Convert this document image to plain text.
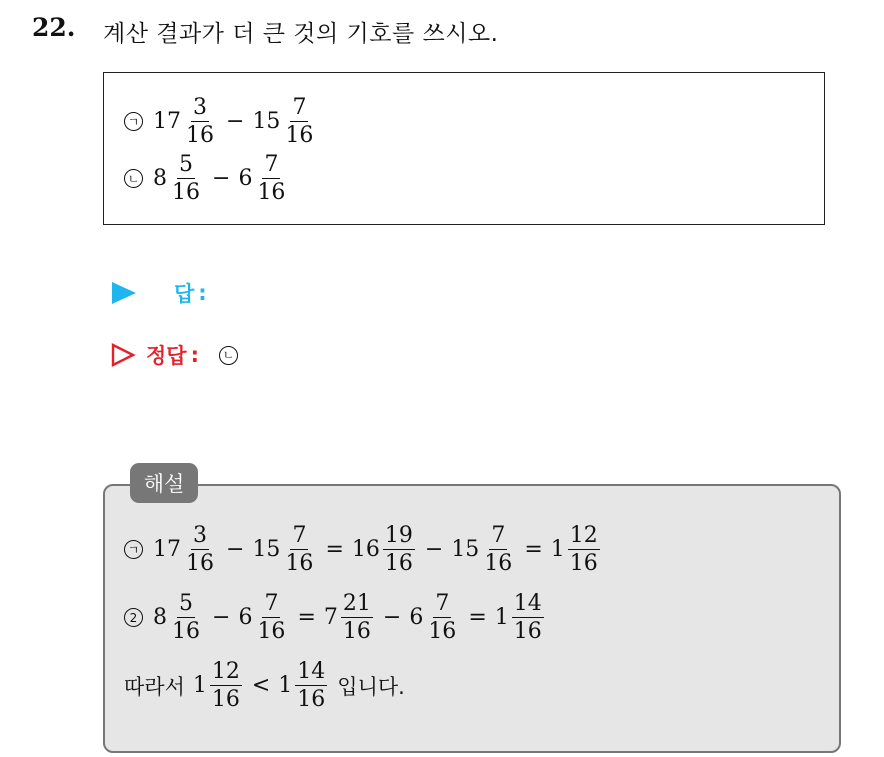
22. 계산 결과가 더 큰 것의 기호를 쓰시오.
ㄱ $17 \frac{3}{16} - 15 \frac{7}{16}$
ㄴ $8 \frac{5}{16} - 6 \frac{7}{16}$
답 :
정답 :	ㄴ
해설
ㄱ $17 \frac{3}{16} - 15 \frac{7}{16} = 16 \frac{19}{16} - 15 \frac{7}{16} = 1 \frac{12}{16}$
2 $8 \frac{5}{16} - 6 \frac{7}{16} = 7 \frac{21}{16} - 6 \frac{7}{16} = 1 \frac{14}{16}$
따라서 $1 \frac{12}{16} < 1 \frac{14}{16}$ 입니다.
